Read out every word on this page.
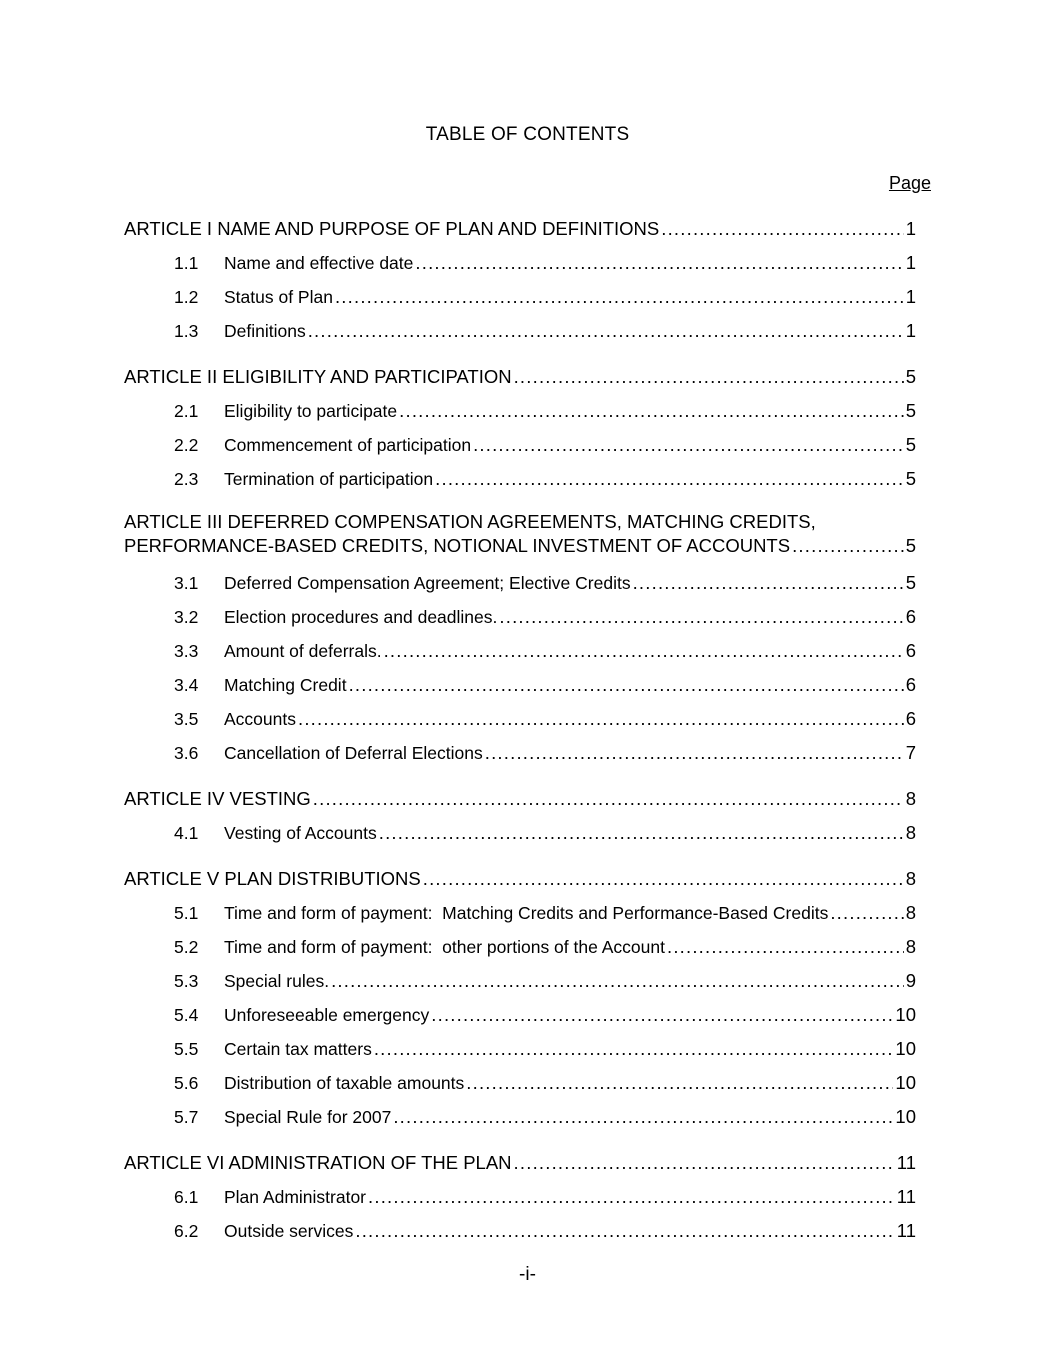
TABLE OF CONTENTS
Page
ARTICLE I NAME AND PURPOSE OF PLAN AND DEFINITIONS .....	1
1.1	Name and effective date .....	1
1.2	Status of Plan .....	1
1.3	Definitions .....	1
ARTICLE II ELIGIBILITY AND PARTICIPATION .....	5
2.1	Eligibility to participate .....	5
2.2	Commencement of participation .....	5
2.3	Termination of participation .....	5
ARTICLE III DEFERRED COMPENSATION AGREEMENTS, MATCHING CREDITS,
PERFORMANCE-BASED CREDITS, NOTIONAL INVESTMENT OF ACCOUNTS .....	5
3.1	Deferred Compensation Agreement; Elective Credits .....	5
3.2	Election procedures and deadlines. .....	6
3.3	Amount of deferrals. .....	6
3.4	Matching Credit .....	6
3.5	Accounts .....	6
3.6	Cancellation of Deferral Elections .....	7
ARTICLE IV VESTING .....	8
4.1	Vesting of Accounts .....	8
ARTICLE V PLAN DISTRIBUTIONS .....	8
5.1	Time and form of payment:  Matching Credits and Performance-Based Credits .....	8
5.2	Time and form of payment:  other portions of the Account .....	8
5.3	Special rules. .....	9
5.4	Unforeseeable emergency .....	10
5.5	Certain tax matters .....	10
5.6	Distribution of taxable amounts .....	10
5.7	Special Rule for 2007 .....	10
ARTICLE VI ADMINISTRATION OF THE PLAN .....	11
6.1	Plan Administrator .....	11
6.2	Outside services .....	11
-i-
